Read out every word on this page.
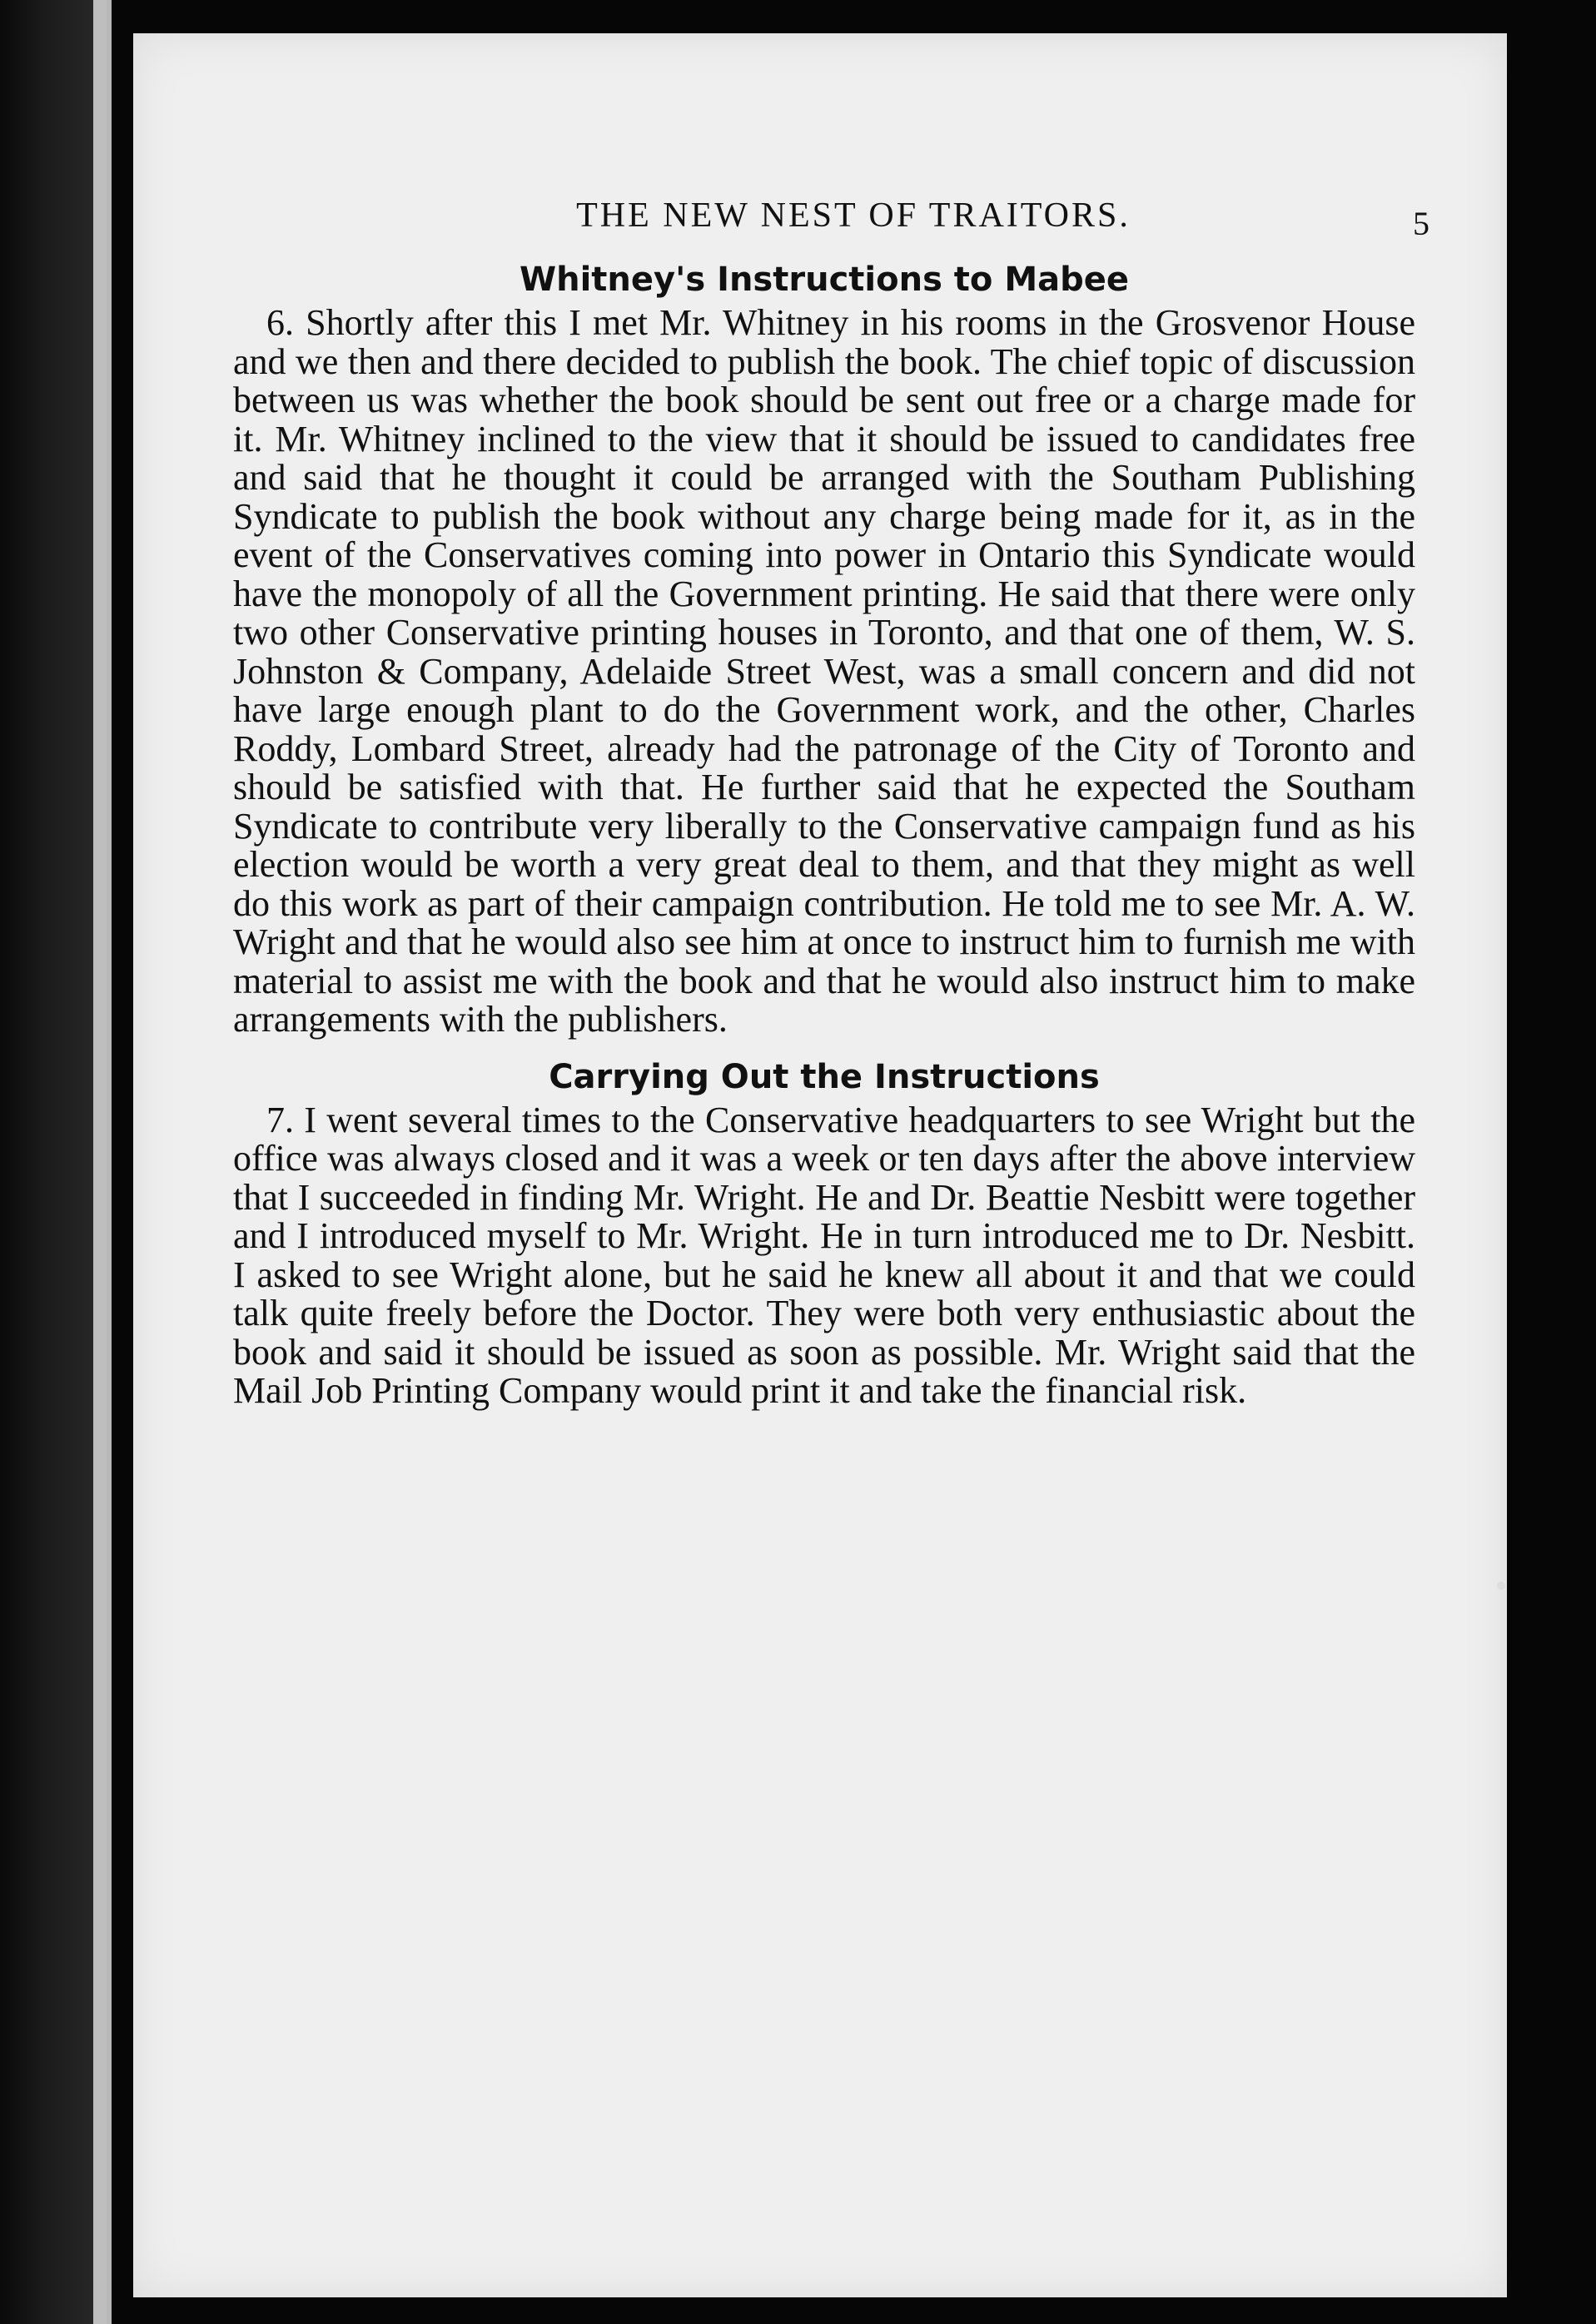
THE NEW NEST OF TRAITORS.	5
Whitney's Instructions to Mabee

6. Shortly after this I met Mr. Whitney in his rooms in the Grosvenor House and we then and there decided to publish the book. The chief topic of discussion between us was whether the book should be sent out free or a charge made for it. Mr. Whitney inclined to the view that it should be issued to candidates free and said that he thought it could be arranged with the Southam Publishing Syndicate to publish the book without any charge being made for it, as in the event of the Conservatives coming into power in Ontario this Syndicate would have the monopoly of all the Government printing. He said that there were only two other Conservative printing houses in Toronto, and that one of them, W. S. Johnston & Company, Adelaide Street West, was a small concern and did not have large enough plant to do the Government work, and the other, Charles Roddy, Lombard Street, already had the patronage of the City of Toronto and should be satisfied with that. He further said that he expected the Southam Syndicate to contribute very liberally to the Conservative campaign fund as his election would be worth a very great deal to them, and that they might as well do this work as part of their campaign contribution. He told me to see Mr. A. W. Wright and that he would also see him at once to instruct him to furnish me with material to assist me with the book and that he would also instruct him to make arrangements with the publishers.

Carrying Out the Instructions

7. I went several times to the Conservative headquarters to see Wright but the office was always closed and it was a week or ten days after the above interview that I succeeded in finding Mr. Wright. He and Dr. Beattie Nesbitt were together and I introduced myself to Mr. Wright. He in turn introduced me to Dr. Nesbitt. I asked to see Wright alone, but he said he knew all about it and that we could talk quite freely before the Doctor. They were both very enthusiastic about the book and said it should be issued as soon as possible. Mr. Wright said that the Mail Job Printing Company would print it and take the financial risk.
